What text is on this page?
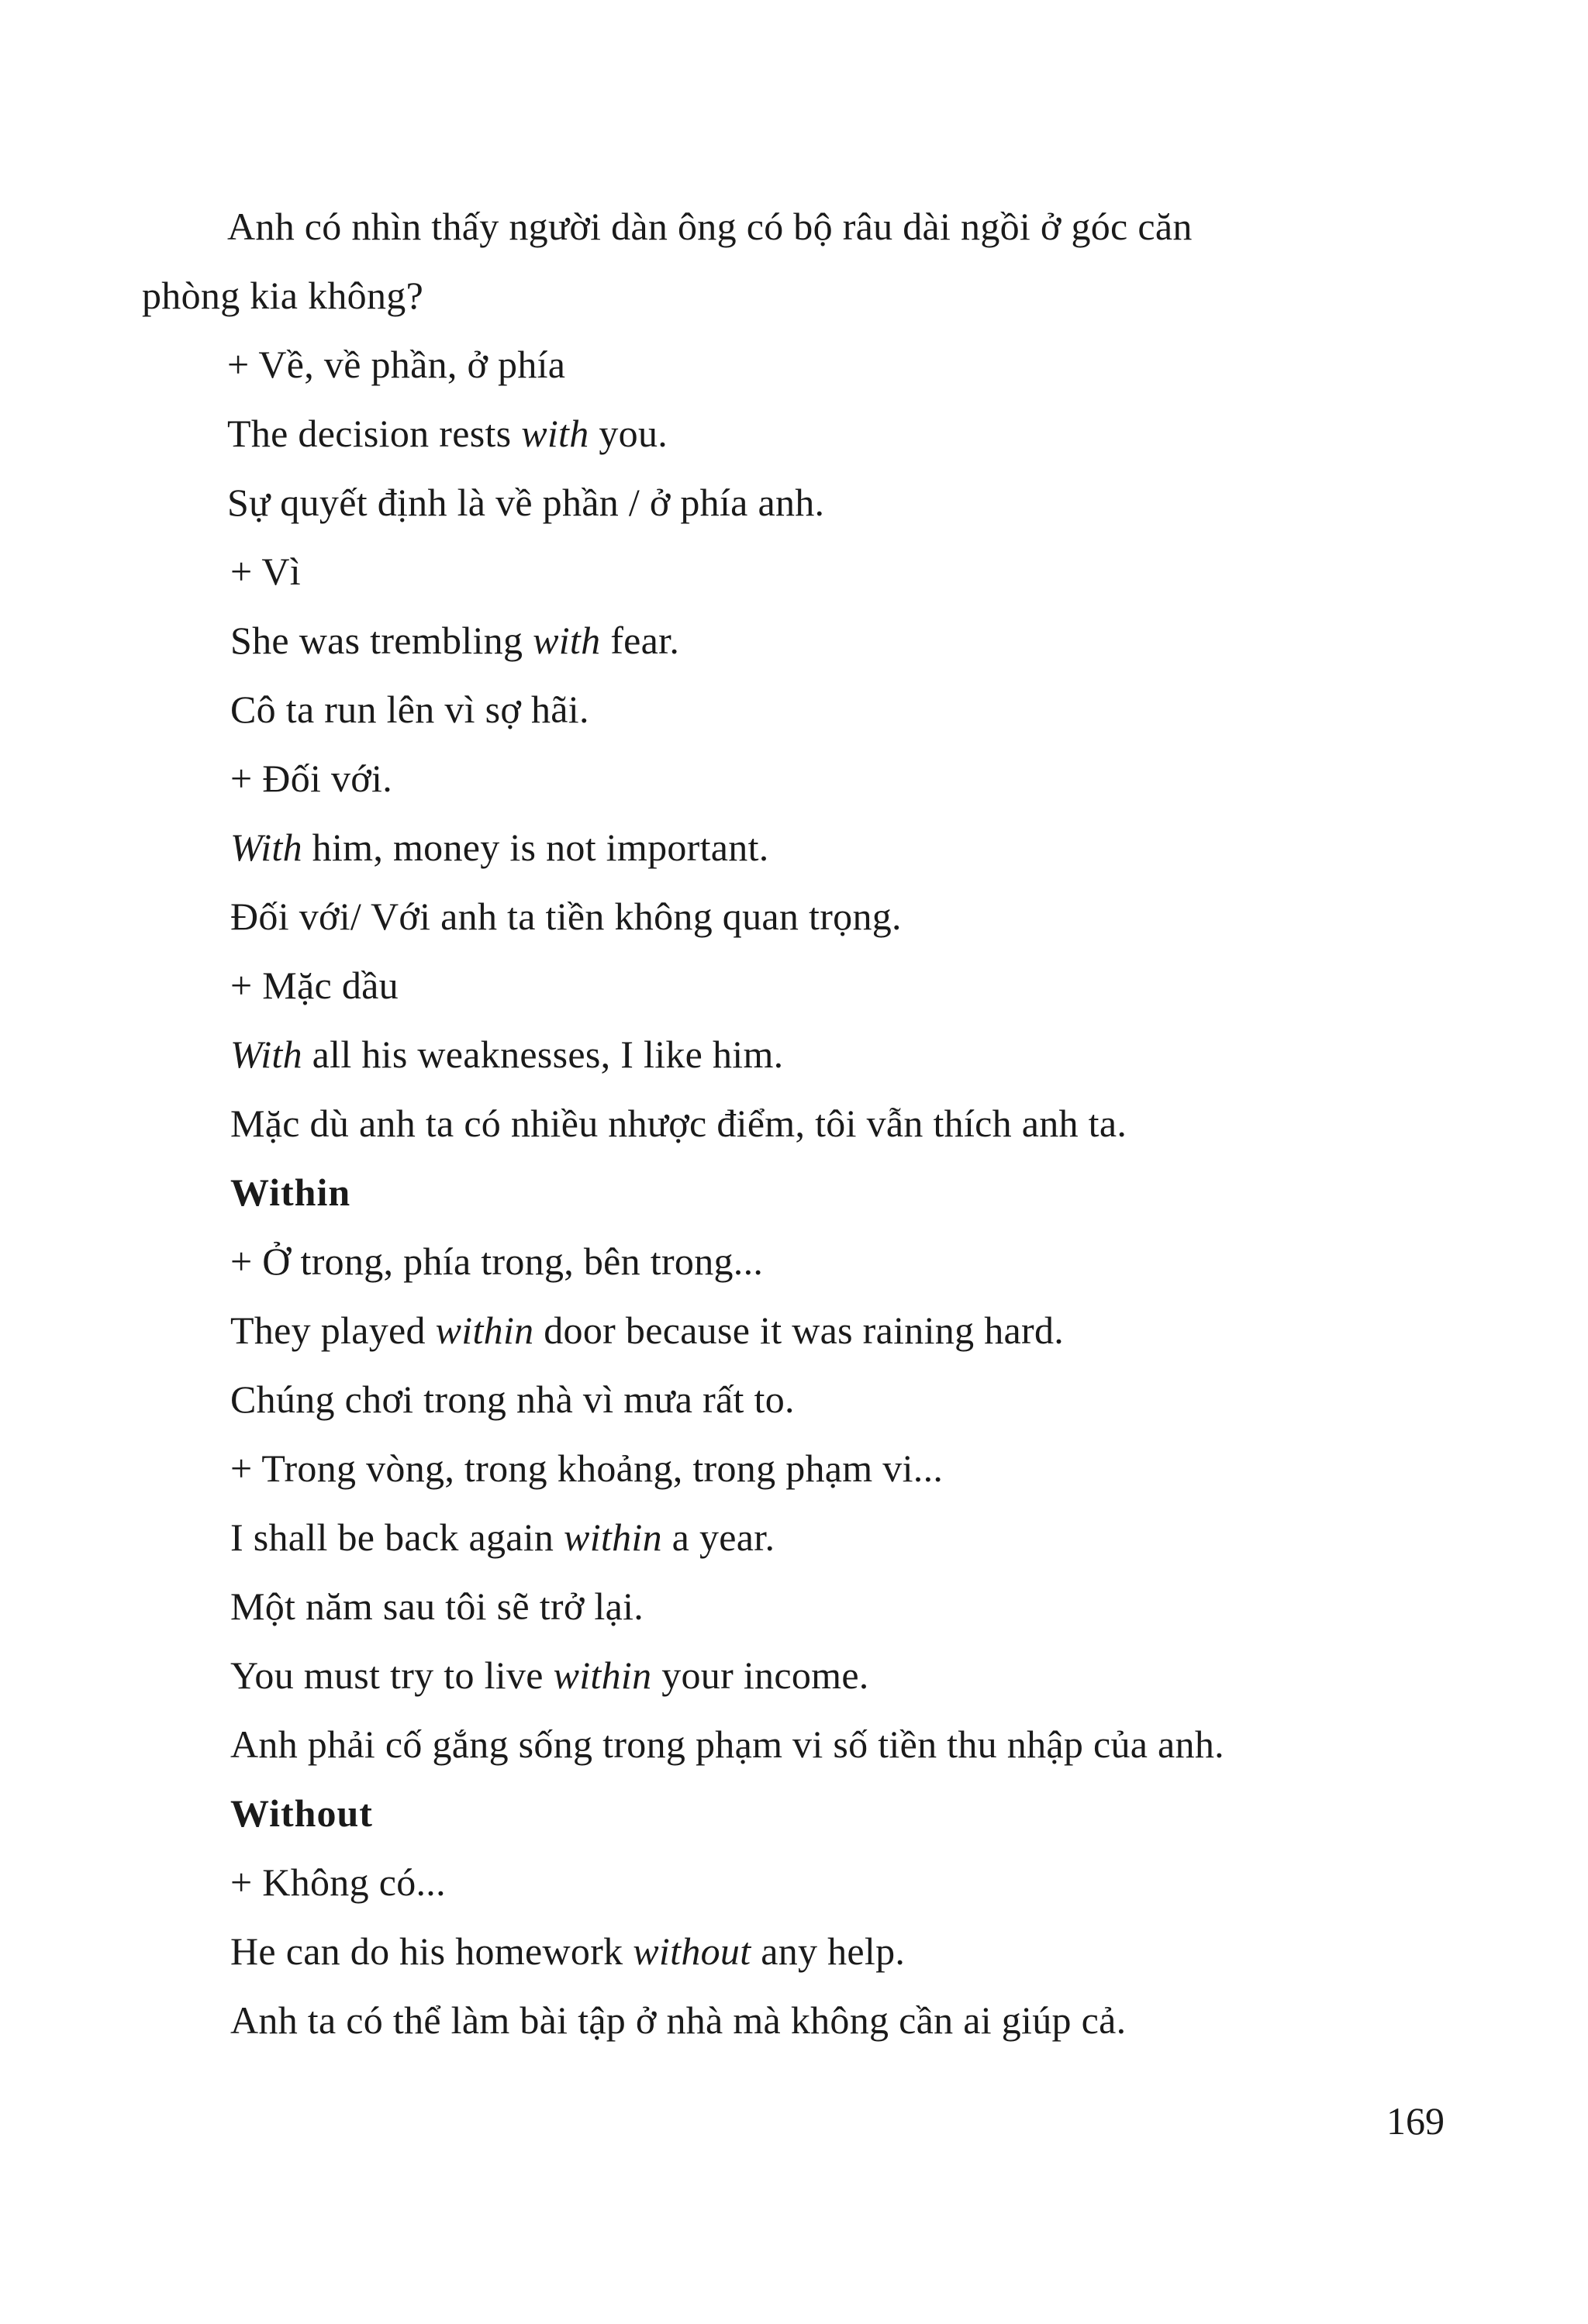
Anh có nhìn thấy người dàn ông có bộ râu dài ngồi ở góc căn
phòng kia không?
+ Về, về phần, ở phía
The decision rests with you.
Sự quyết định là về phần / ở phía anh.
+ Vì
She was trembling with fear.
Cô ta run lên vì sợ hãi.
+ Đối với.
With him, money is not important.
Đối với/ Với anh ta tiền không quan trọng.
+ Mặc dầu
With all his weaknesses, I like him.
Mặc dù anh ta có nhiều nhược điểm, tôi vẫn thích anh ta.
Within
+ Ở trong, phía trong, bên trong...
They played within door because it was raining hard.
Chúng chơi trong nhà vì mưa rất to.
+ Trong vòng, trong khoảng, trong phạm vi...
I shall be back again within a year.
Một năm sau tôi sẽ trở lại.
You must try to live within your income.
Anh phải cố gắng sống trong phạm vi số tiền thu nhập của anh.
Without
+ Không có...
He can do his homework without any help.
Anh ta có thể làm bài tập ở nhà mà không cần ai giúp cả.
169
